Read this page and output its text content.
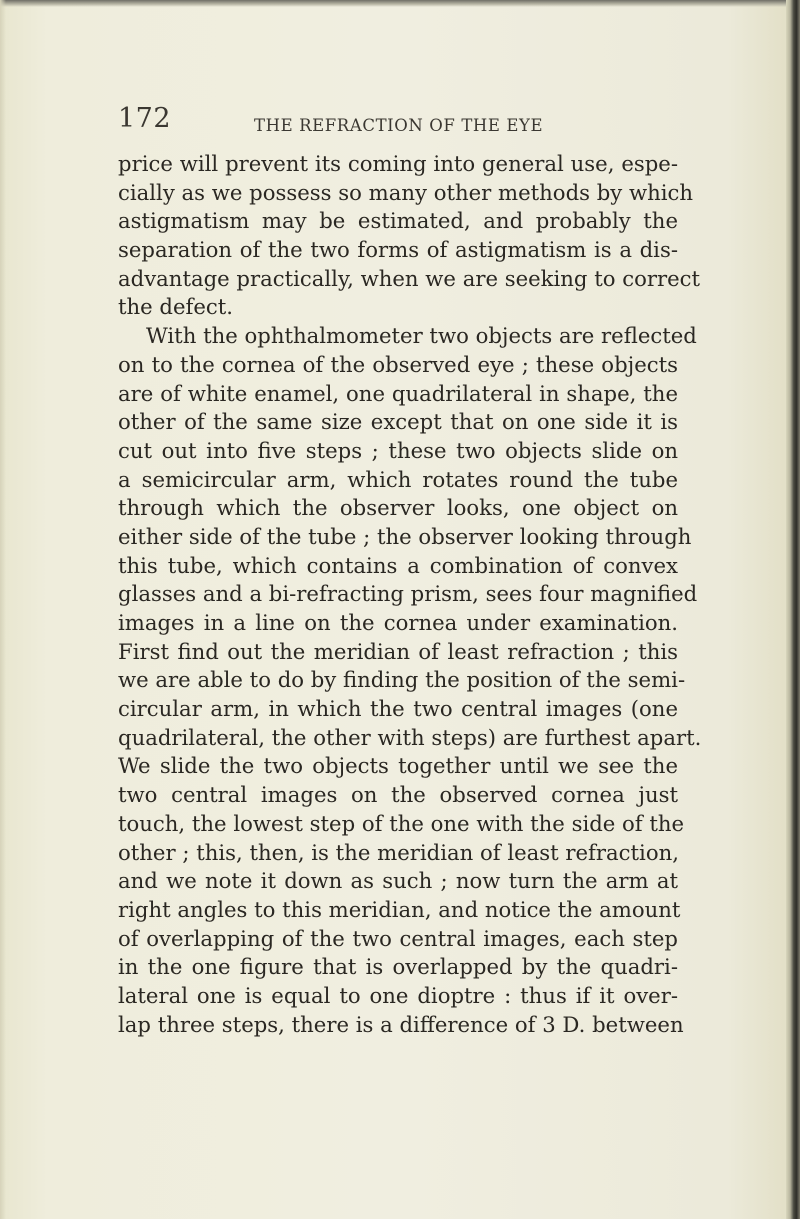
172	THE REFRACTION OF THE EYE
price will prevent its coming into general use, espe-
cially as we possess so many other methods by which
astigmatism may be estimated, and probably the
separation of the two forms of astigmatism is a dis-
advantage practically, when we are seeking to correct
the defect.
With the ophthalmometer two objects are reflected
on to the cornea of the observed eye ; these objects
are of white enamel, one quadrilateral in shape, the
other of the same size except that on one side it is
cut out into five steps ; these two objects slide on
a semicircular arm, which rotates round the tube
through which the observer looks, one object on
either side of the tube ; the observer looking through
this tube, which contains a combination of convex
glasses and a bi-refracting prism, sees four magnified
images in a line on the cornea under examination.
First find out the meridian of least refraction ; this
we are able to do by finding the position of the semi-
circular arm, in which the two central images (one
quadrilateral, the other with steps) are furthest apart.
We slide the two objects together until we see the
two central images on the observed cornea just
touch, the lowest step of the one with the side of the
other ; this, then, is the meridian of least refraction,
and we note it down as such ; now turn the arm at
right angles to this meridian, and notice the amount
of overlapping of the two central images, each step
in the one figure that is overlapped by the quadri-
lateral one is equal to one dioptre : thus if it over-
lap three steps, there is a difference of 3 D. between
